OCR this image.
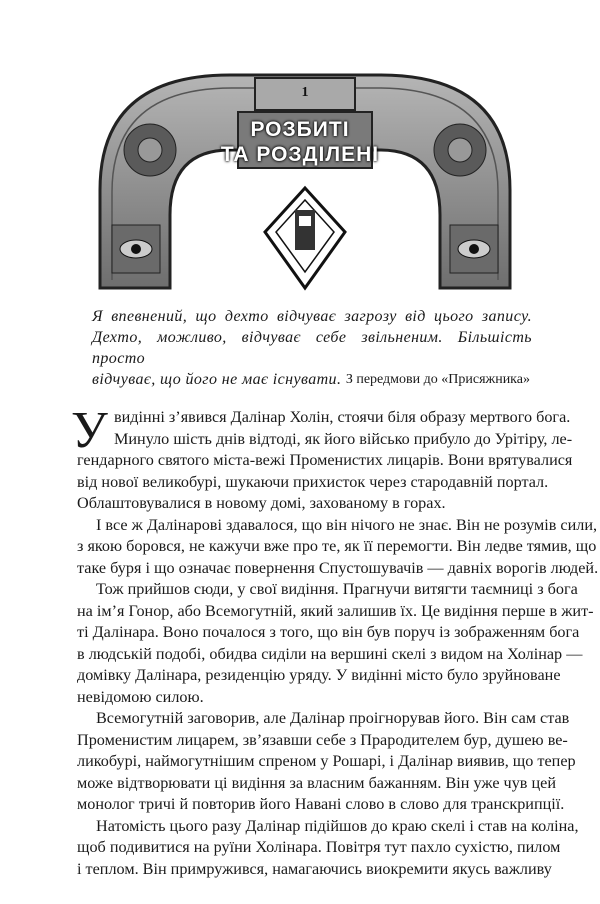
1
РОЗБИТІ
ТА РОЗДІЛЕНІ
Я впевнений, що дехто відчуває загрозу від цього запису.
Дехто, можливо, відчуває себе звільненим. Більшість просто
відчуває, що його не має існувати. З передмови до «Присяжника»
У видінні з’явився Далінар Холін, стоячи біля образу мертвого бога.
Минуло шість днів відтоді, як його військо прибуло до Урітіру, ле-
гендарного святого міста-вежі Променистих лицарів. Вони врятувалися
від нової великобурі, шукаючи прихисток через стародавній портал.
Облаштовувалися в новому домі, захованому в горах.
І все ж Далінарові здавалося, що він нічого не знає. Він не розумів сили,
з якою боровся, не кажучи вже про те, як її перемогти. Він ледве тямив, що
таке буря і що означає повернення Спустошувачів — давніх ворогів людей.
Тож прийшов сюди, у свої видіння. Прагнучи витягти таємниці з бога
на ім’я Гонор, або Всемогутній, який залишив їх. Це видіння перше в жит-
ті Далінара. Воно почалося з того, що він був поруч із зображенням бога
в людській подобі, обидва сиділи на вершині скелі з видом на Холінар —
домівку Далінара, резиденцію уряду. У видінні місто було зруйноване
невідомою силою.
Всемогутній заговорив, але Далінар проігнорував його. Він сам став
Променистим лицарем, зв’язавши себе з Прародителем бур, душею ве-
ликобурі, наймогутнішим спреном у Рошарі, і Далінар виявив, що тепер
може відтворювати ці видіння за власним бажанням. Він уже чув цей
монолог тричі й повторив його Навані слово в слово для транскрипції.
Натомість цього разу Далінар підійшов до краю скелі і став на коліна,
щоб подивитися на руїни Холінара. Повітря тут пахло сухістю, пилом
і теплом. Він примружився, намагаючись виокремити якусь важливу
